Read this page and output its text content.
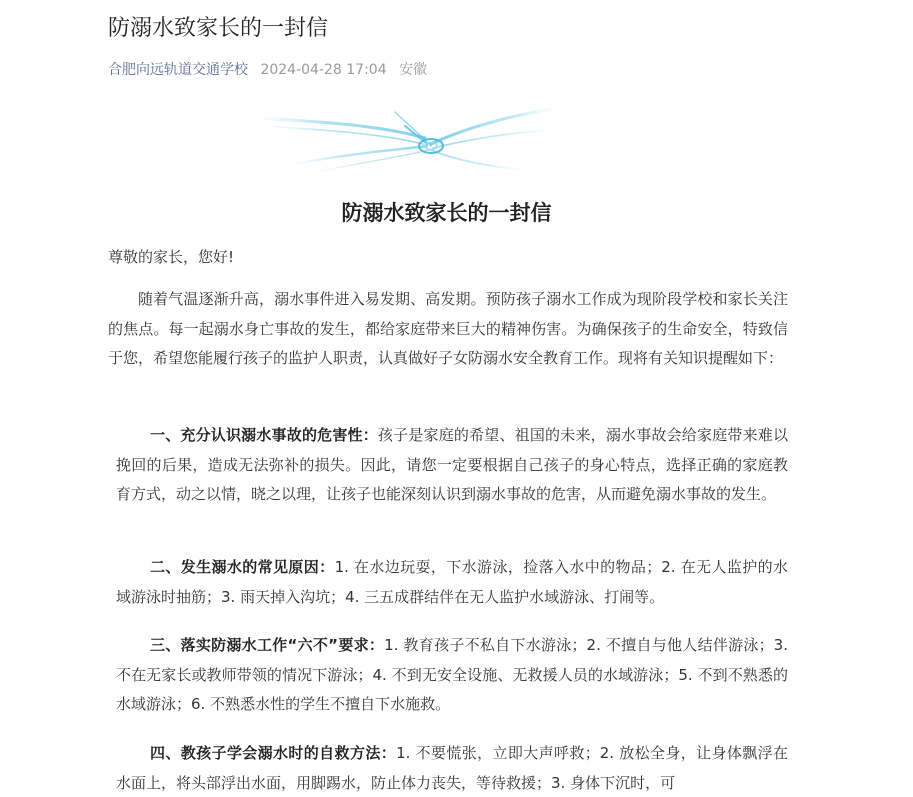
防溺水致家长的一封信
合肥向远轨道交通学校 2024-04-28 17:04 安徽
防溺水致家长的一封信
尊敬的家长，您好!
随着气温逐渐升高，溺水事件进入易发期、高发期。预防孩子溺水工作成为现阶段学校和家长关注的焦点。每一起溺水身亡事故的发生，都给家庭带来巨大的精神伤害。为确保孩子的生命安全，特致信于您，希望您能履行孩子的监护人职责，认真做好子女防溺水安全教育工作。现将有关知识提醒如下：
一、充分认识溺水事故的危害性：孩子是家庭的希望、祖国的未来，溺水事故会给家庭带来难以挽回的后果，造成无法弥补的损失。因此，请您一定要根据自己孩子的身心特点，选择正确的家庭教育方式，动之以情，晓之以理，让孩子也能深刻认识到溺水事故的危害，从而避免溺水事故的发生。
二、发生溺水的常见原因：1. 在水边玩耍，下水游泳，捡落入水中的物品；2. 在无人监护的水域游泳时抽筋；3. 雨天掉入沟坑；4. 三五成群结伴在无人监护水域游泳、打闹等。
三、落实防溺水工作“六不”要求：1. 教育孩子不私自下水游泳；2. 不擅自与他人结伴游泳；3. 不在无家长或教师带领的情况下游泳；4. 不到无安全设施、无救援人员的水域游泳；5. 不到不熟悉的水域游泳；6. 不熟悉水性的学生不擅自下水施救。
四、教孩子学会溺水时的自救方法：1. 不要慌张，立即大声呼救；2. 放松全身，让身体飘浮在水面上，将头部浮出水面，用脚踢水，防止体力丧失，等待救援；3. 身体下沉时，可
